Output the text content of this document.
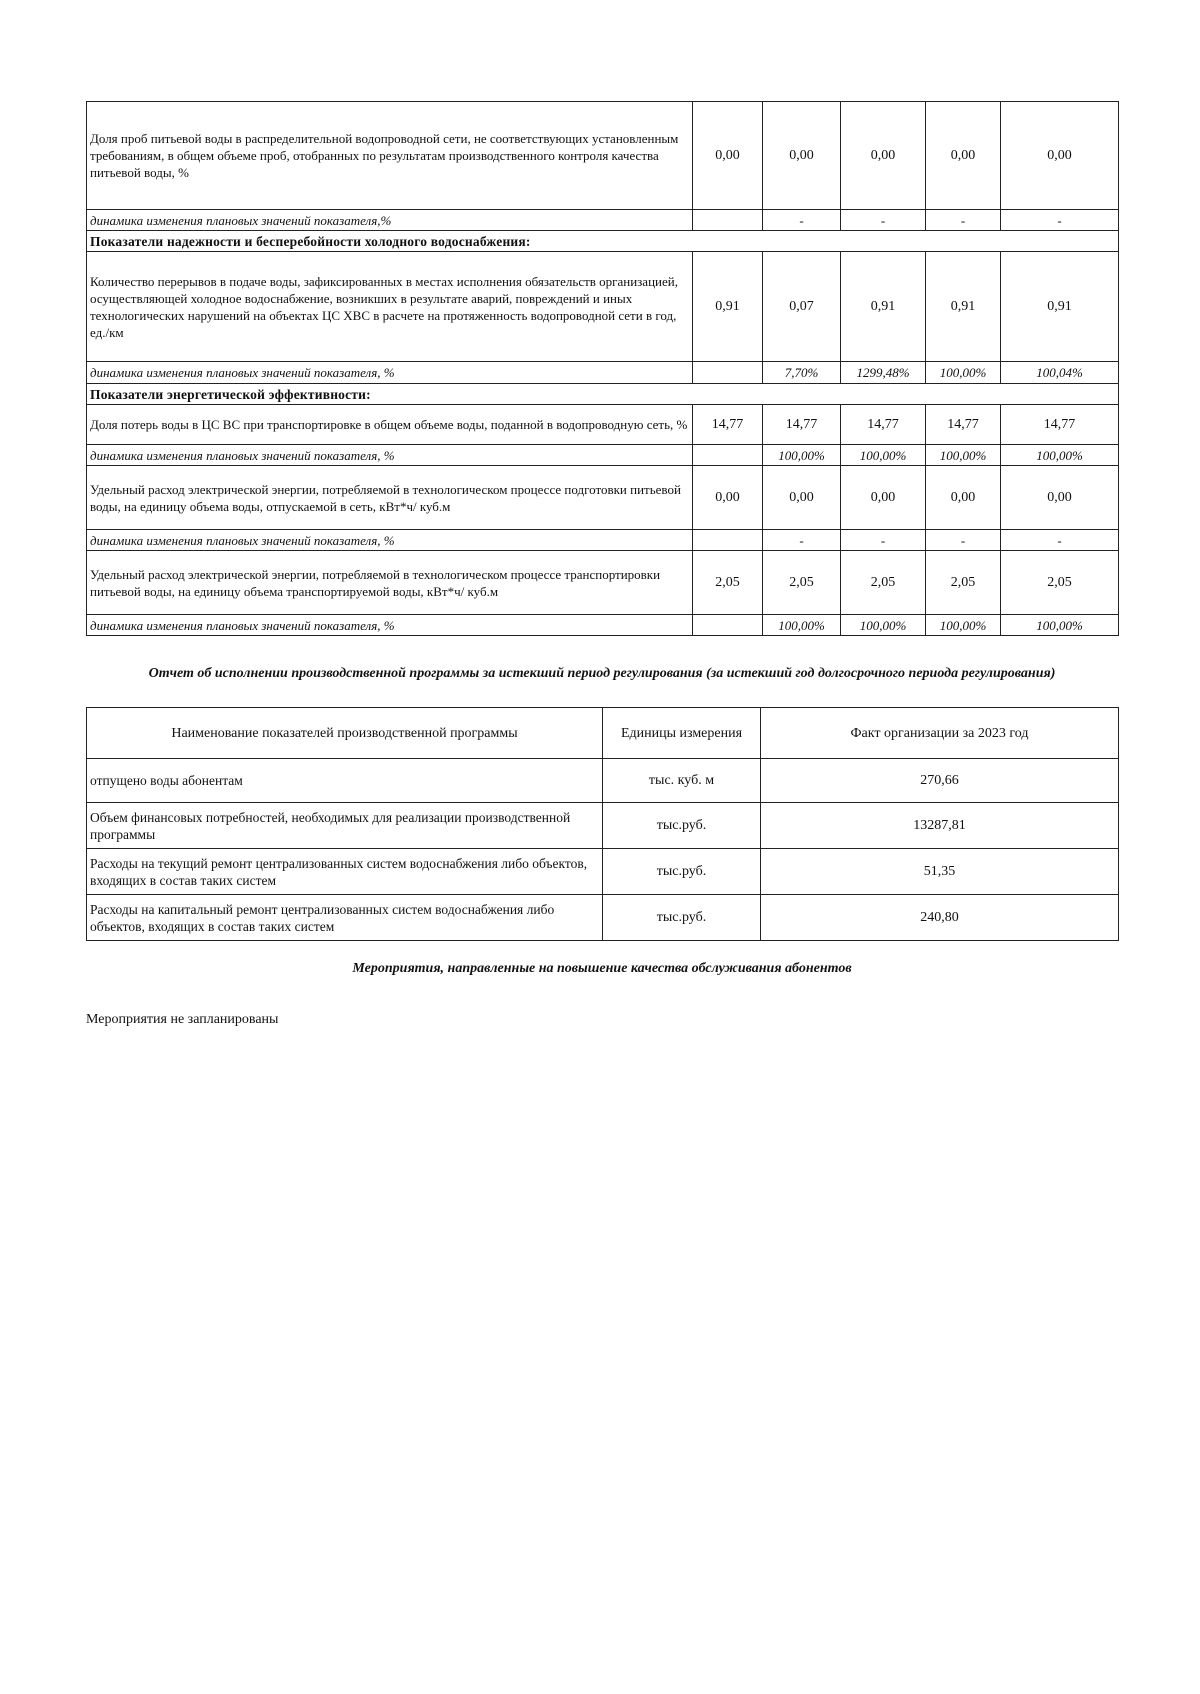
Доля проб питьевой воды в распределительной водопроводной сети, не соответствующих установленным требованиям, в общем объеме проб, отобранных по результатам производственного контроля качества питьевой воды, %	0,00	0,00	0,00	0,00	0,00
динамика изменения плановых значений показателя,%		-	-	-	-
Показатели надежности и бесперебойности холодного водоснабжения:					
Количество перерывов в подаче воды, зафиксированных в местах исполнения обязательств организацией, осуществляющей холодное водоснабжение, возникших в результате аварий, повреждений и иных технологических нарушений на объектах ЦС ХВС в расчете на протяженность водопроводной сети в год, ед./км	0,91	0,07	0,91	0,91	0,91
динамика изменения плановых значений показателя, %		7,70%	1299,48%	100,00%	100,04%
Показатели энергетической эффективности:					
Доля потерь воды в ЦС ВС при транспортировке в общем объеме воды, поданной в водопроводную сеть, %	14,77	14,77	14,77	14,77	14,77
динамика изменения плановых значений показателя, %		100,00%	100,00%	100,00%	100,00%
Удельный расход электрической энергии, потребляемой в технологическом процессе подготовки питьевой воды, на единицу объема воды, отпускаемой в сеть, кВт*ч/ куб.м	0,00	0,00	0,00	0,00	0,00
динамика изменения плановых значений показателя, %		-	-	-	-
Удельный расход электрической энергии, потребляемой в технологическом процессе транспортировки питьевой воды, на единицу объема транспортируемой воды, кВт*ч/ куб.м	2,05	2,05	2,05	2,05	2,05
динамика изменения плановых значений показателя, %		100,00%	100,00%	100,00%	100,00%
Отчет об исполнении производственной программы за истекший период регулирования (за истекший год долгосрочного периода регулирования)
Наименование показателей производственной программы	Единицы измерения	Факт организации за 2023 год
отпущено воды абонентам	тыс. куб. м	270,66
Объем финансовых потребностей, необходимых для реализации производственной программы	тыс.руб.	13287,81
Расходы на текущий ремонт централизованных систем водоснабжения либо объектов, входящих в состав таких систем	тыс.руб.	51,35
Расходы на капитальный ремонт централизованных систем водоснабжения либо объектов, входящих в состав таких систем	тыс.руб.	240,80
Мероприятия, направленные на повышение качества обслуживания абонентов
Мероприятия не запланированы
